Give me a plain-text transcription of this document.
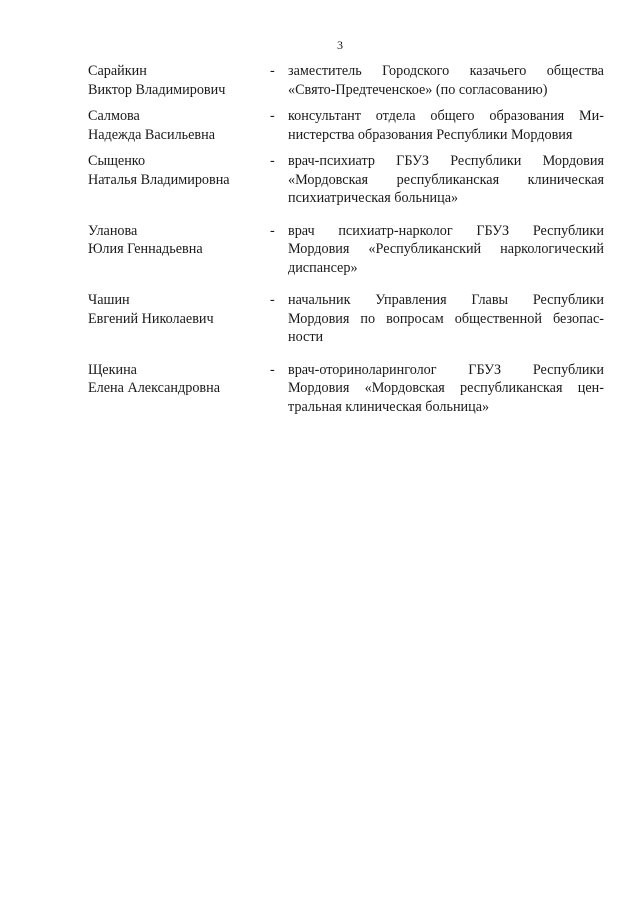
3
Сарайкин
Виктор Владимирович
- заместитель Городского казачьего общества
«Свято-Предтеченское» (по согласованию)
Салмова
Надежда Васильевна
- консультант отдела общего образования Ми-
нистерства образования Республики Мордовия
Сыщенко
Наталья Владимировна
- врач-психиатр ГБУЗ Республики Мордовия
«Мордовская республиканская клиническая
психиатрическая больница»
Уланова
Юлия Геннадьевна
- врач психиатр-нарколог ГБУЗ Республики
Мордовия «Республиканский наркологический
диспансер»
Чашин
Евгений Николаевич
- начальник Управления Главы Республики
Мордовия по вопросам общественной безопас-
ности
Щекина
Елена Александровна
- врач-оториноларинголог ГБУЗ Республики
Мордовия «Мордовская республиканская цен-
тральная клиническая больница»
